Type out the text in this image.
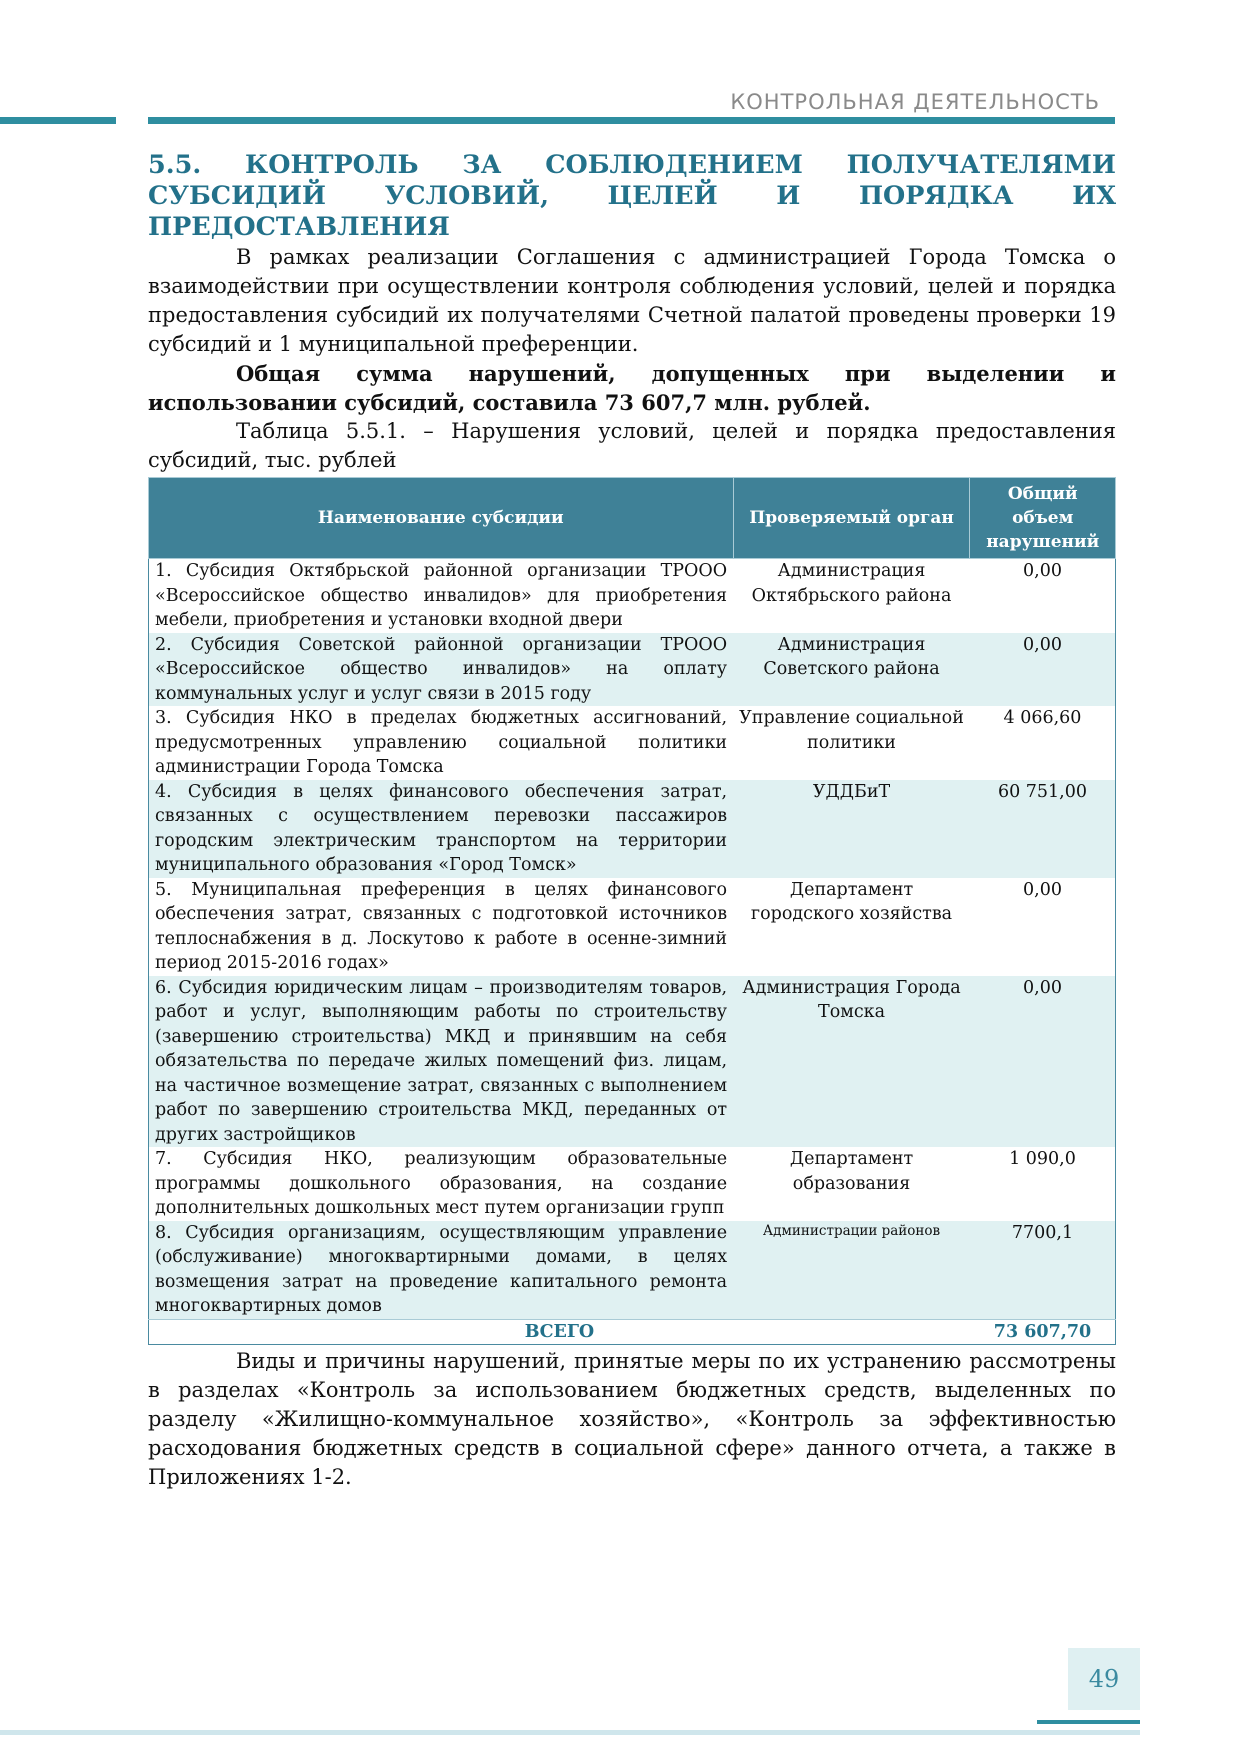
КОНТРОЛЬНАЯ ДЕЯТЕЛЬНОСТЬ
5.5. КОНТРОЛЬ ЗА СОБЛЮДЕНИЕМ ПОЛУЧАТЕЛЯМИ СУБСИДИЙ УСЛОВИЙ, ЦЕЛЕЙ И ПОРЯДКА ИХ ПРЕДОСТАВЛЕНИЯ

В рамках реализации Соглашения с администрацией Города Томска о взаимодействии при осуществлении контроля соблюдения условий, целей и порядка предоставления субсидий их получателями Счетной палатой проведены проверки 19 субсидий и 1 муниципальной преференции.

Общая сумма нарушений, допущенных при выделении и использовании субсидий, составила 73 607,7 млн. рублей.

Таблица 5.5.1. – Нарушения условий, целей и порядка предоставления субсидий, тыс. рублей

Наименование субсидии	Проверяемый орган	Общий объем нарушений
1. Субсидия Октябрьской районной организации ТРООО «Всероссийское общество инвалидов» для приобретения мебели, приобретения и установки входной двери	Администрация Октябрьского района	0,00
2. Субсидия Советской районной организации ТРООО «Всероссийское общество инвалидов» на оплату коммунальных услуг и услуг связи в 2015 году	Администрация Советского района	0,00
3. Субсидия НКО в пределах бюджетных ассигнований, предусмотренных управлению социальной политики администрации Города Томска	Управление социальной политики	4 066,60
4. Субсидия в целях финансового обеспечения затрат, связанных с осуществлением перевозки пассажиров городским электрическим транспортом на территории муниципального образования «Город Томск»	УДДБиТ	60 751,00
5. Муниципальная преференция в целях финансового обеспечения затрат, связанных с подготовкой источников теплоснабжения в д. Лоскутово к работе в осенне-зимний период 2015-2016 годах»	Департамент городского хозяйства	0,00
6. Субсидия юридическим лицам – производителям товаров, работ и услуг, выполняющим работы по строительству (завершению строительства) МКД и принявшим на себя обязательства по передаче жилых помещений физ. лицам, на частичное возмещение затрат, связанных с выполнением работ по завершению строительства МКД, переданных от других застройщиков	Администрация Города Томска	0,00
7. Субсидия НКО, реализующим образовательные программы дошкольного образования, на создание дополнительных дошкольных мест путем организации групп	Департамент образования	1 090,0
8. Субсидия организациям, осуществляющим управление (обслуживание) многоквартирными домами, в целях возмещения затрат на проведение капитального ремонта многоквартирных домов	Администрации районов	7700,1
ВСЕГО		73 607,70

Виды и причины нарушений, принятые меры по их устранению рассмотрены в разделах «Контроль за использованием бюджетных средств, выделенных по разделу «Жилищно-коммунальное хозяйство», «Контроль за эффективностью расходования бюджетных средств в социальной сфере» данного отчета, а также в Приложениях 1-2.

49
